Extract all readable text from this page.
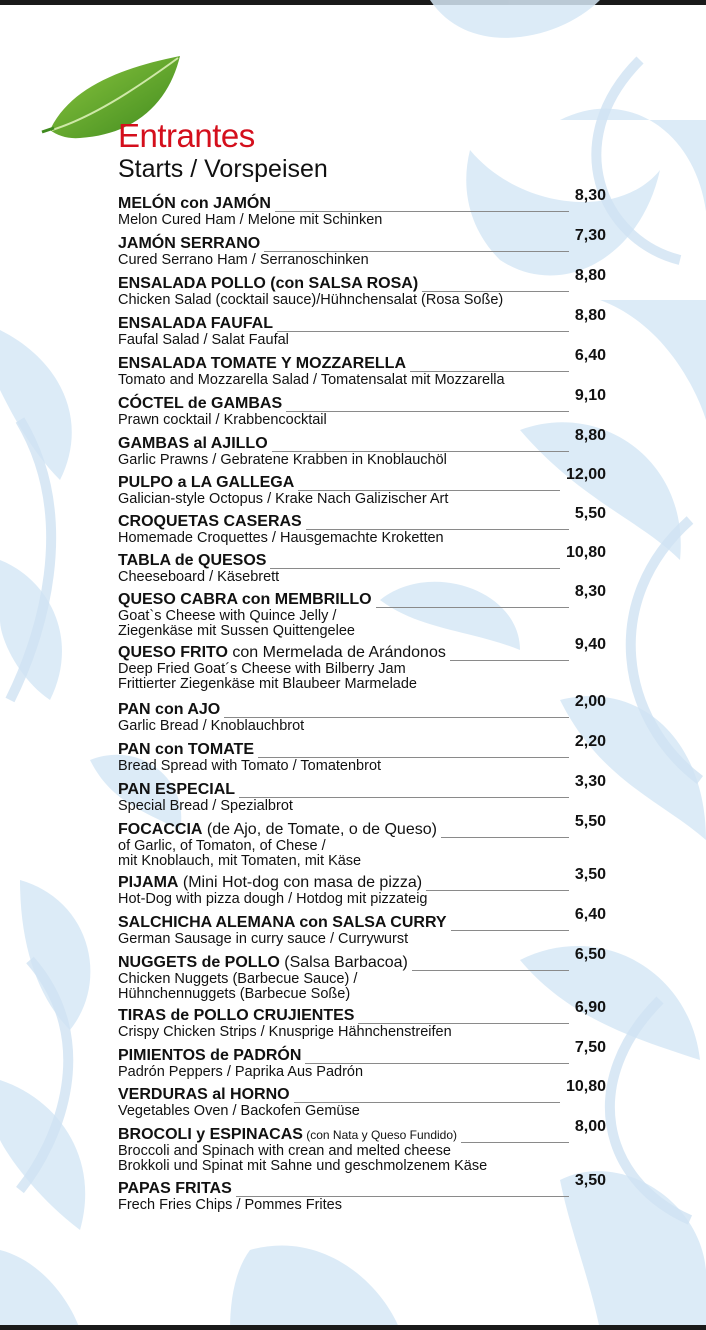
Entrantes
Starts / Vorspeisen
MELÓN con JAMÓN	8,30
Melon Cured Ham / Melone mit Schinken
JAMÓN SERRANO	7,30
Cured Serrano Ham / Serranoschinken
ENSALADA POLLO (con SALSA ROSA)	8,80
Chicken Salad (cocktail sauce)/Hühnchensalat (Rosa Soße)
ENSALADA FAUFAL	8,80
Faufal Salad / Salat Faufal
ENSALADA TOMATE Y MOZZARELLA	6,40
Tomato and Mozzarella Salad / Tomatensalat mit Mozzarella
CÓCTEL de GAMBAS	9,10
Prawn cocktail / Krabbencocktail
GAMBAS al AJILLO	8,80
Garlic Prawns / Gebratene Krabben in Knoblauchöl
PULPO a LA GALLEGA	12,00
Galician-style Octopus / Krake Nach Galizischer Art
CROQUETAS CASERAS	5,50
Homemade Croquettes / Hausgemachte Kroketten
TABLA de QUESOS	10,80
Cheeseboard / Käsebrett
QUESO CABRA con MEMBRILLO	8,30
Goat`s Cheese with Quince Jelly /
Ziegenkäse mit Sussen Quittengelee
QUESO FRITO con Mermelada de Arándonos	9,40
Deep Fried Goat´s Cheese with Bilberry Jam
Frittierter Ziegenkäse mit Blaubeer Marmelade
PAN con AJO	2,00
Garlic Bread / Knoblauchbrot
PAN con TOMATE	2,20
Bread Spread with Tomato / Tomatenbrot
PAN ESPECIAL	3,30
Special Bread / Spezialbrot
FOCACCIA (de Ajo, de Tomate, o de Queso)	5,50
of Garlic, of Tomaton, of Chese /
mit Knoblauch, mit Tomaten, mit Käse
PIJAMA (Mini Hot-dog con masa de pizza)	3,50
Hot-Dog with pizza dough / Hotdog mit pizzateig
SALCHICHA ALEMANA con SALSA CURRY	6,40
German Sausage in curry sauce / Currywurst
NUGGETS de POLLO (Salsa Barbacoa)	6,50
Chicken Nuggets (Barbecue Sauce) /
Hühnchennuggets (Barbecue Soße)
TIRAS de POLLO CRUJIENTES	6,90
Crispy Chicken Strips / Knusprige Hähnchenstreifen
PIMIENTOS de PADRÓN	7,50
Padrón Peppers / Paprika Aus Padrón
VERDURAS al HORNO	10,80
Vegetables Oven / Backofen Gemüse
BROCOLI y ESPINACAS (con Nata y Queso Fundido)	8,00
Broccoli and Spinach with crean and melted cheese
Brokkoli und Spinat mit Sahne und geschmolzenem Käse
PAPAS FRITAS	3,50
Frech Fries Chips / Pommes Frites
